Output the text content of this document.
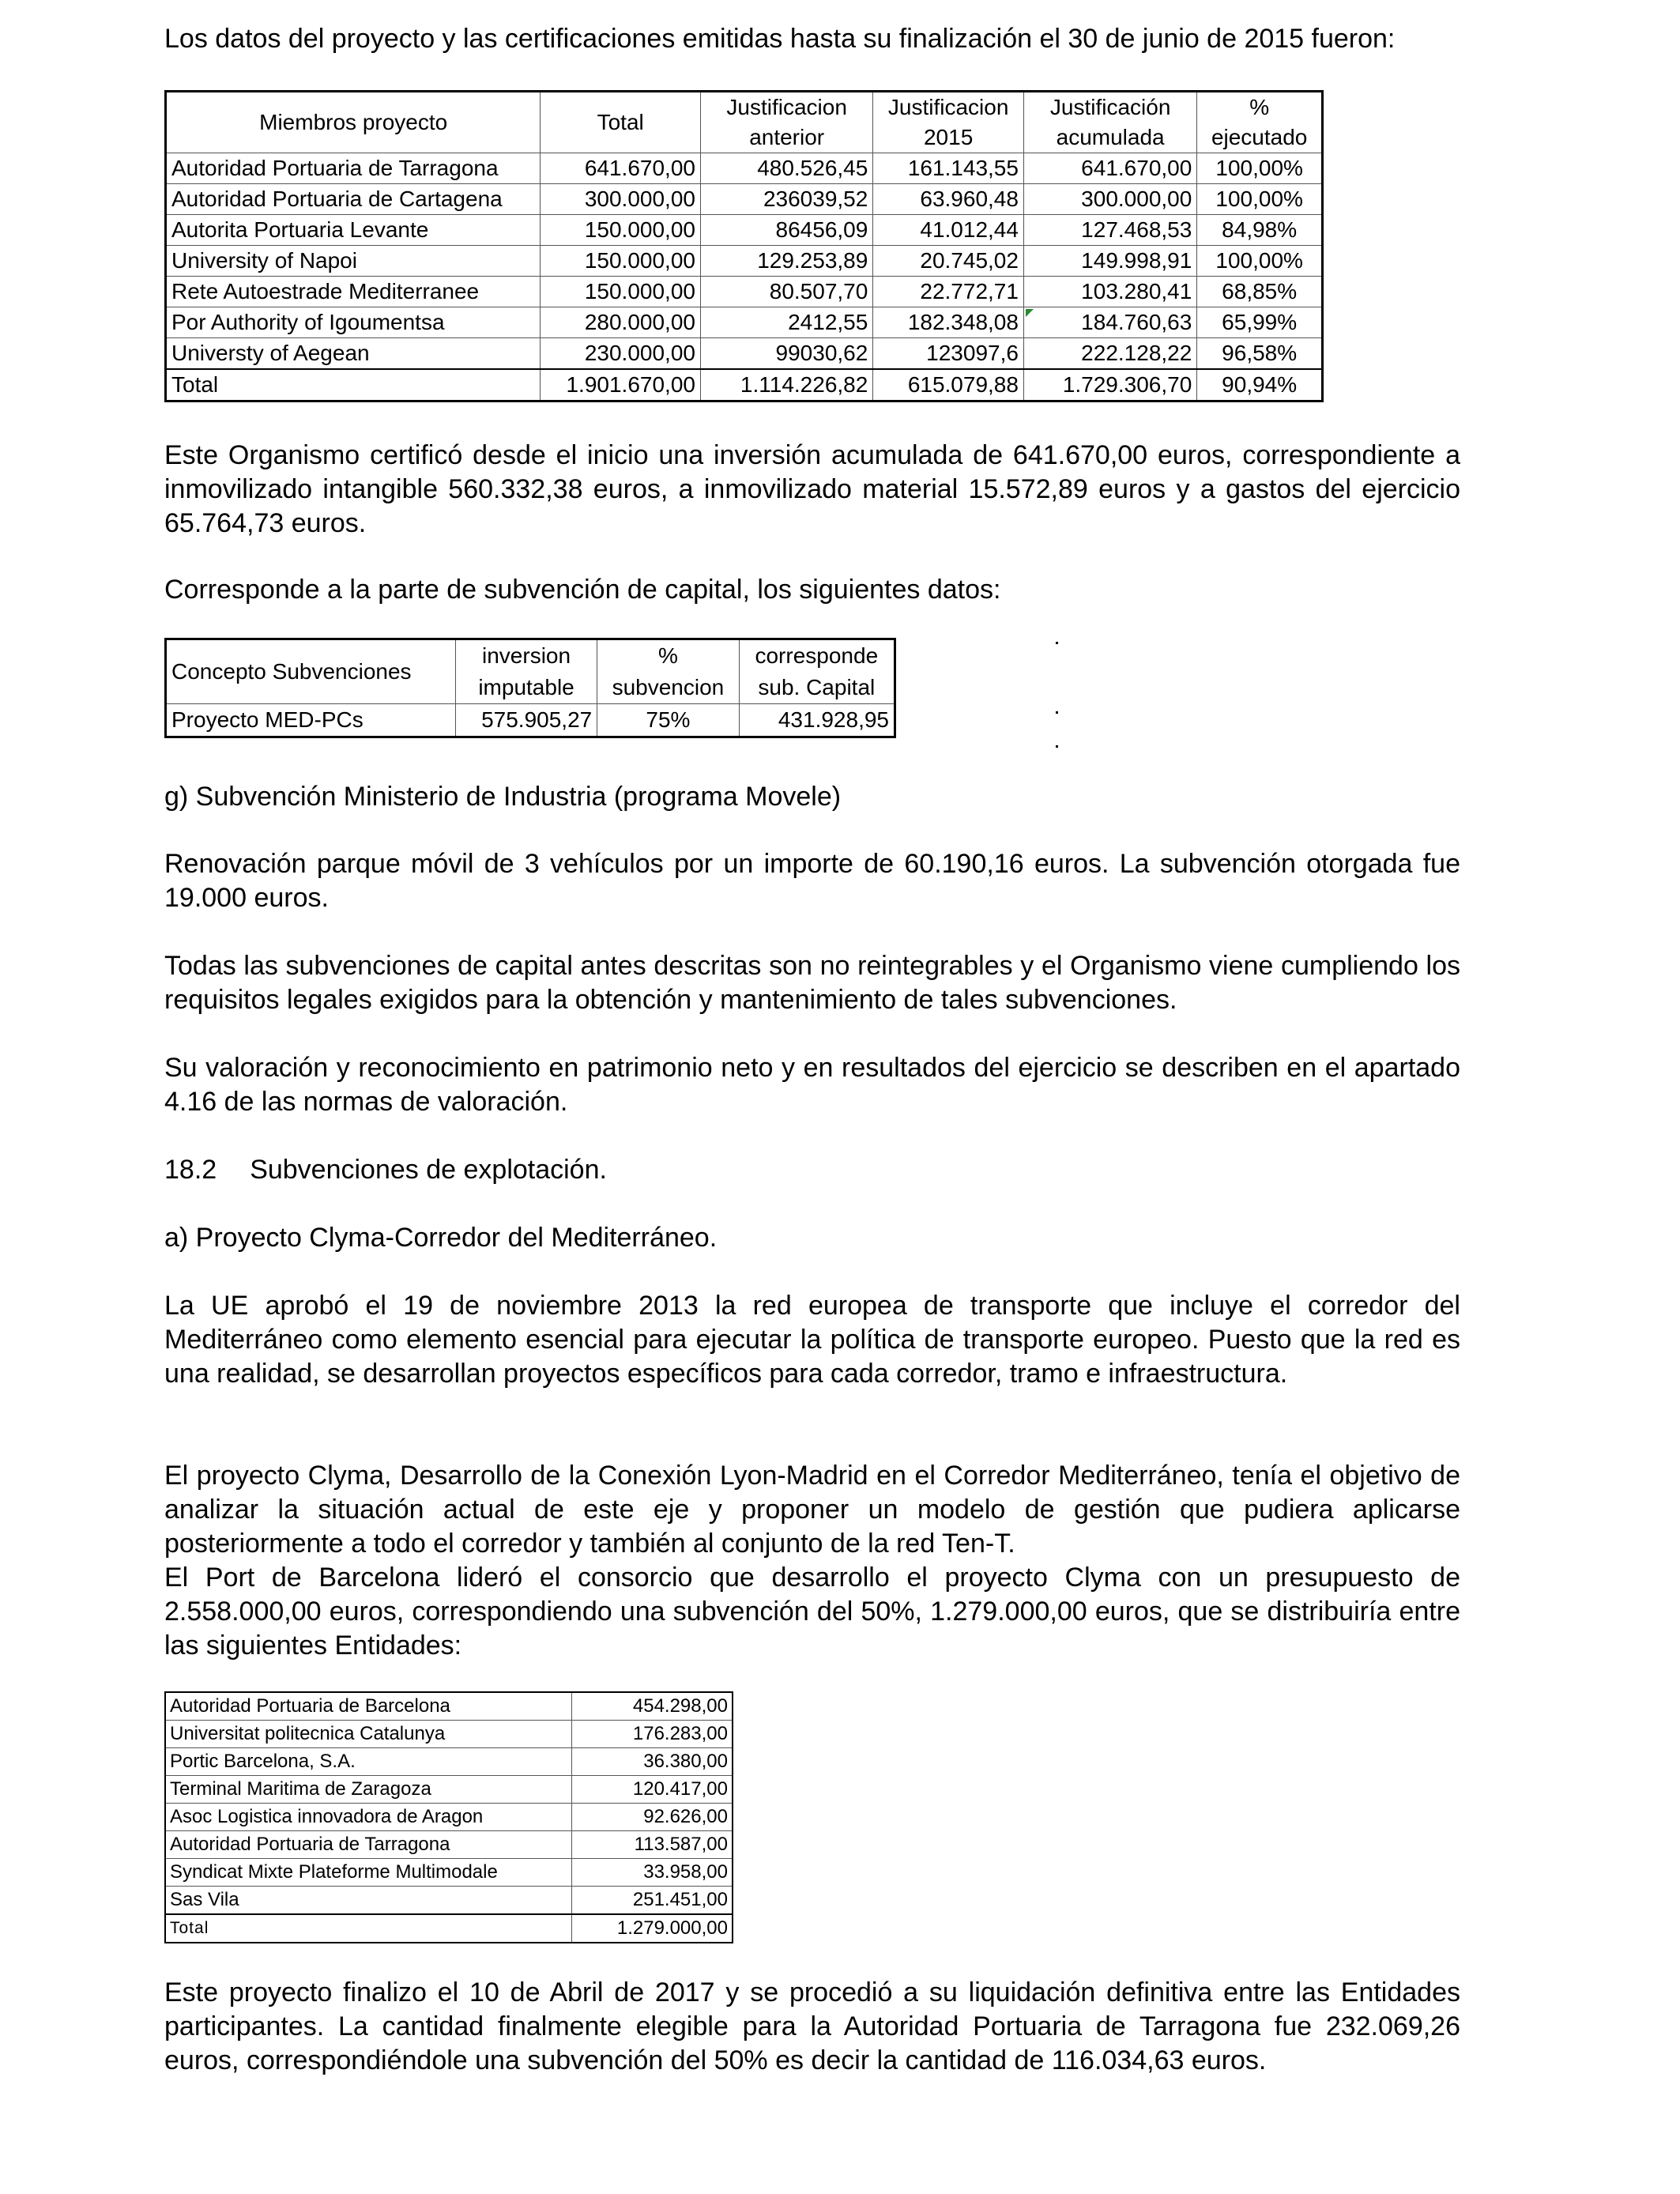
Los datos del proyecto y las certificaciones emitidas hasta su finalización el 30 de junio de 2015 fueron:

Miembros proyecto	Total	Justificacion	Justificacion	Justificación	%
		anterior	2015	acumulada	ejecutado
Autoridad Portuaria de Tarragona	641.670,00	480.526,45	161.143,55	641.670,00	100,00%
Autoridad Portuaria de Cartagena	300.000,00	236039,52	63.960,48	300.000,00	100,00%
Autorita Portuaria Levante	150.000,00	86456,09	41.012,44	127.468,53	84,98%
University of Napoi	150.000,00	129.253,89	20.745,02	149.998,91	100,00%
Rete Autoestrade Mediterranee	150.000,00	80.507,70	22.772,71	103.280,41	68,85%
Por Authority of Igoumentsa	280.000,00	2412,55	182.348,08	184.760,63	65,99%
Universty of Aegean	230.000,00	99030,62	123097,6	222.128,22	96,58%
Total	1.901.670,00	1.114.226,82	615.079,88	1.729.306,70	90,94%

Este Organismo certificó desde el inicio una inversión acumulada de 641.670,00 euros, correspondiente a inmovilizado intangible 560.332,38 euros, a inmovilizado material 15.572,89 euros y a gastos del ejercicio 65.764,73 euros.

Corresponde a la parte de subvención de capital, los siguientes datos:

Concepto Subvenciones	inversion	%	corresponde
	imputable	subvencion	sub. Capital
Proyecto MED-PCs	575.905,27	75%	431.928,95

g) Subvención Ministerio de Industria (programa Movele)

Renovación parque móvil de 3 vehículos por un importe de 60.190,16 euros. La subvención otorgada fue 19.000 euros.

Todas las subvenciones de capital antes descritas son no reintegrables y el Organismo viene cumpliendo los requisitos legales exigidos para la obtención y mantenimiento de tales subvenciones.

Su valoración y reconocimiento en patrimonio neto y en resultados del ejercicio se describen en el apartado 4.16 de las normas de valoración.

18.2 Subvenciones de explotación.

a) Proyecto Clyma-Corredor del Mediterráneo.

La UE aprobó el 19 de noviembre 2013 la red europea de transporte que incluye el corredor del Mediterráneo como elemento esencial para ejecutar la política de transporte europeo. Puesto que la red es una realidad, se desarrollan proyectos específicos para cada corredor, tramo e infraestructura.

El proyecto Clyma, Desarrollo de la Conexión Lyon-Madrid en el Corredor Mediterráneo, tenía el objetivo de analizar la situación actual de este eje y proponer un modelo de gestión que pudiera aplicarse posteriormente a todo el corredor y también al conjunto de la red Ten-T.

El Port de Barcelona lideró el consorcio que desarrollo el proyecto Clyma con un presupuesto de 2.558.000,00 euros, correspondiendo una subvención del 50%, 1.279.000,00 euros, que se distribuiría entre las siguientes Entidades:

Autoridad Portuaria de Barcelona	454.298,00
Universitat politecnica Catalunya	176.283,00
Portic Barcelona, S.A.	36.380,00
Terminal Maritima de Zaragoza	120.417,00
Asoc Logistica innovadora de Aragon	92.626,00
Autoridad Portuaria de Tarragona	113.587,00
Syndicat Mixte Plateforme Multimodale	33.958,00
Sas Vila	251.451,00
Total	1.279.000,00

Este proyecto finalizo el 10 de Abril de 2017 y se procedió a su liquidación definitiva entre las Entidades participantes. La cantidad finalmente elegible para la Autoridad Portuaria de Tarragona fue 232.069,26 euros, correspondiéndole una subvención del 50% es decir la cantidad de 116.034,63 euros.
